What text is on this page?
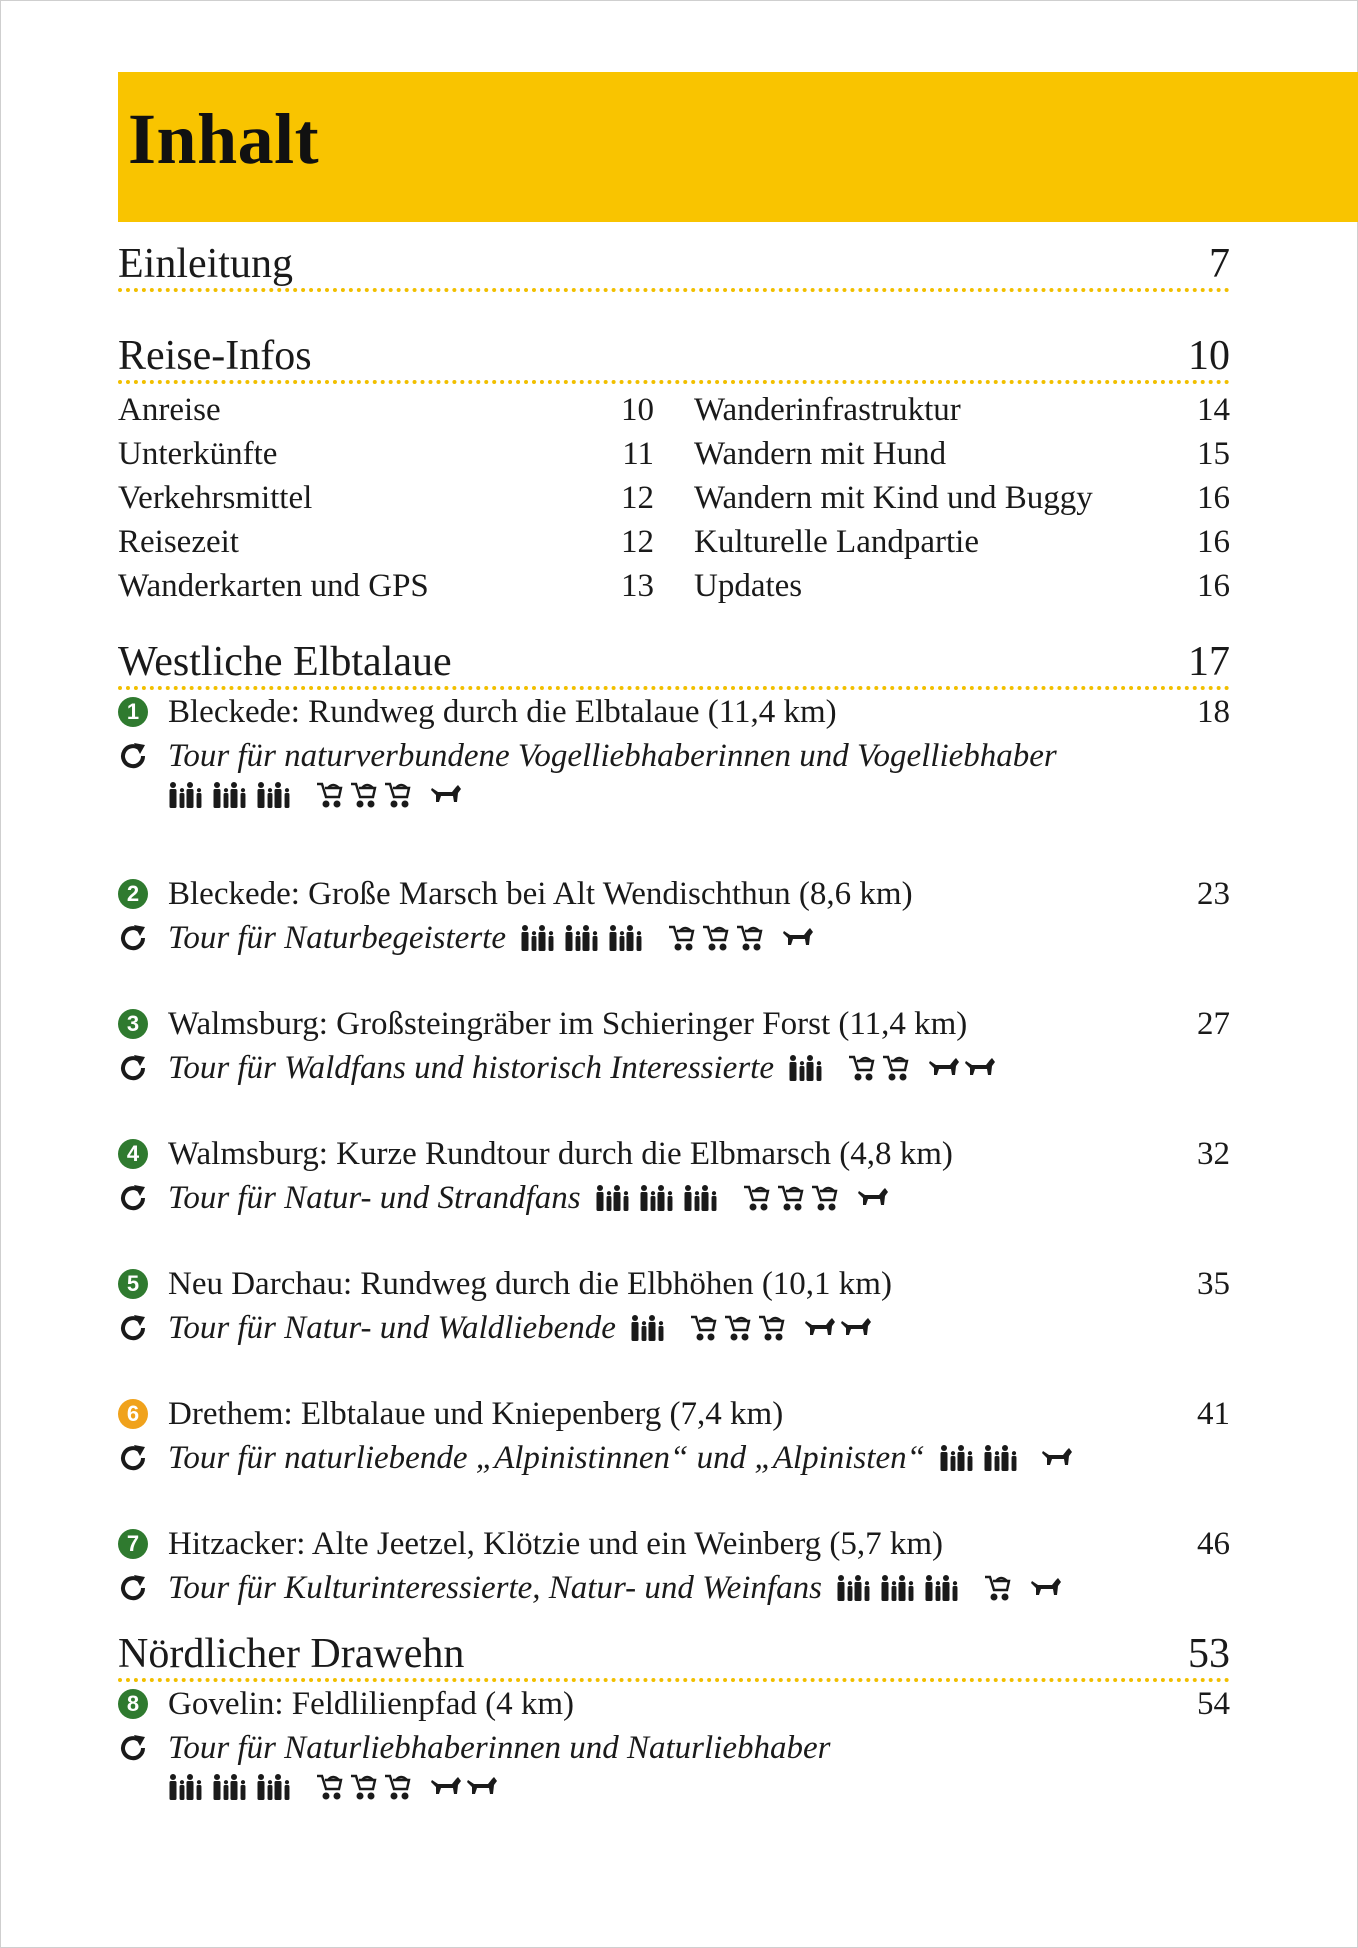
Inhalt
Einleitung	7
Reise-Infos	10
Anreise	10
Unterkünfte	11
Verkehrsmittel	12
Reisezeit	12
Wanderkarten und GPS	13
Wanderinfrastruktur	14
Wandern mit Hund	15
Wandern mit Kind und Buggy	16
Kulturelle Landpartie	16
Updates	16
Westliche Elbtalaue	17
1 Bleckede: Rundweg durch die Elbtalaue (11,4 km)	18
Tour für naturverbundene Vogelliebhaberinnen und Vogelliebhaber
2 Bleckede: Große Marsch bei Alt Wendischthun (8,6 km)	23
Tour für Naturbegeisterte
3 Walmsburg: Großsteingräber im Schieringer Forst (11,4 km)	27
Tour für Waldfans und historisch Interessierte
4 Walmsburg: Kurze Rundtour durch die Elbmarsch (4,8 km)	32
Tour für Natur- und Strandfans
5 Neu Darchau: Rundweg durch die Elbhöhen (10,1 km)	35
Tour für Natur- und Waldliebende
6 Drethem: Elbtalaue und Kniepenberg (7,4 km)	41
Tour für naturliebende „Alpinistinnen“ und „Alpinisten“
7 Hitzacker: Alte Jeetzel, Klötzie und ein Weinberg (5,7 km)	46
Tour für Kulturinteressierte, Natur- und Weinfans
Nördlicher Drawehn	53
8 Govelin: Feldlilienpfad (4 km)	54
Tour für Naturliebhaberinnen und Naturliebhaber
